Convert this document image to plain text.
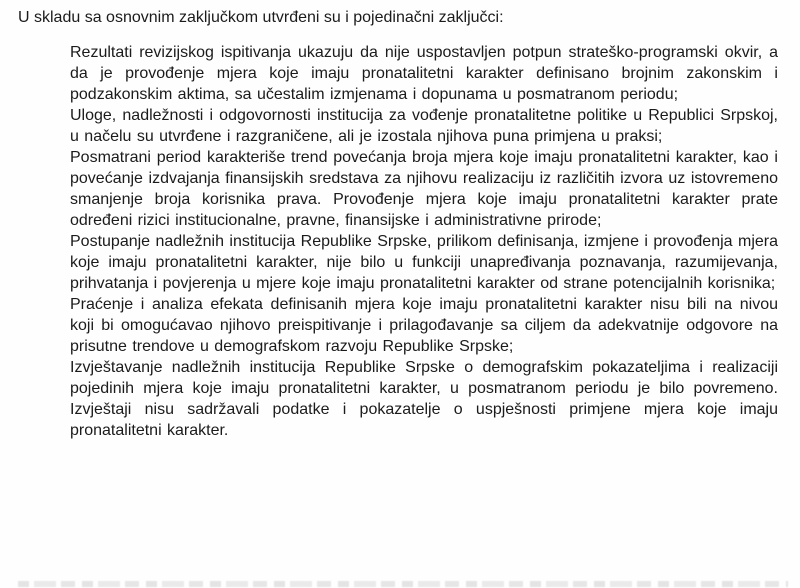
U skladu sa osnovnim zaključkom utvrđeni su i pojedinačni zaključci:

Rezultati revizijskog ispitivanja ukazuju da nije uspostavljen potpun strateško-programski okvir, a da je provođenje mjera koje imaju pronatalitetni karakter definisano brojnim zakonskim i podzakonskim aktima, sa učestalim izmjenama i dopunama u posmatranom periodu;
Uloge, nadležnosti i odgovornosti institucija za vođenje pronatalitetne politike u Republici Srpskoj, u načelu su utvrđene i razgraničene, ali je izostala njihova puna primjena u praksi;
Posmatrani period karakteriše trend povećanja broja mjera koje imaju pronatalitetni karakter, kao i povećanje izdvajanja finansijskih sredstava za njihovu realizaciju iz različitih izvora uz istovremeno smanjenje broja korisnika prava. Provođenje mjera koje imaju pronatalitetni karakter prate određeni rizici institucionalne, pravne, finansijske i administrativne prirode;
Postupanje nadležnih institucija Republike Srpske, prilikom definisanja, izmjene i provođenja mjera koje imaju pronatalitetni karakter, nije bilo u funkciji unapređivanja poznavanja, razumijevanja, prihvatanja i povjerenja u mjere koje imaju pronatalitetni karakter od strane potencijalnih korisnika;
Praćenje i analiza efekata definisanih mjera koje imaju pronatalitetni karakter nisu bili na nivou koji bi omogućavao njihovo preispitivanje i prilagođavanje sa ciljem da adekvatnije odgovore na prisutne trendove u demografskom razvoju Republike Srpske;
Izvještavanje nadležnih institucija Republike Srpske o demografskim pokazateljima i realizaciji pojedinih mjera koje imaju pronatalitetni karakter, u posmatranom periodu je bilo povremeno. Izvještaji nisu sadržavali podatke i pokazatelje o uspješnosti primjene mjera koje imaju pronatalitetni karakter.
